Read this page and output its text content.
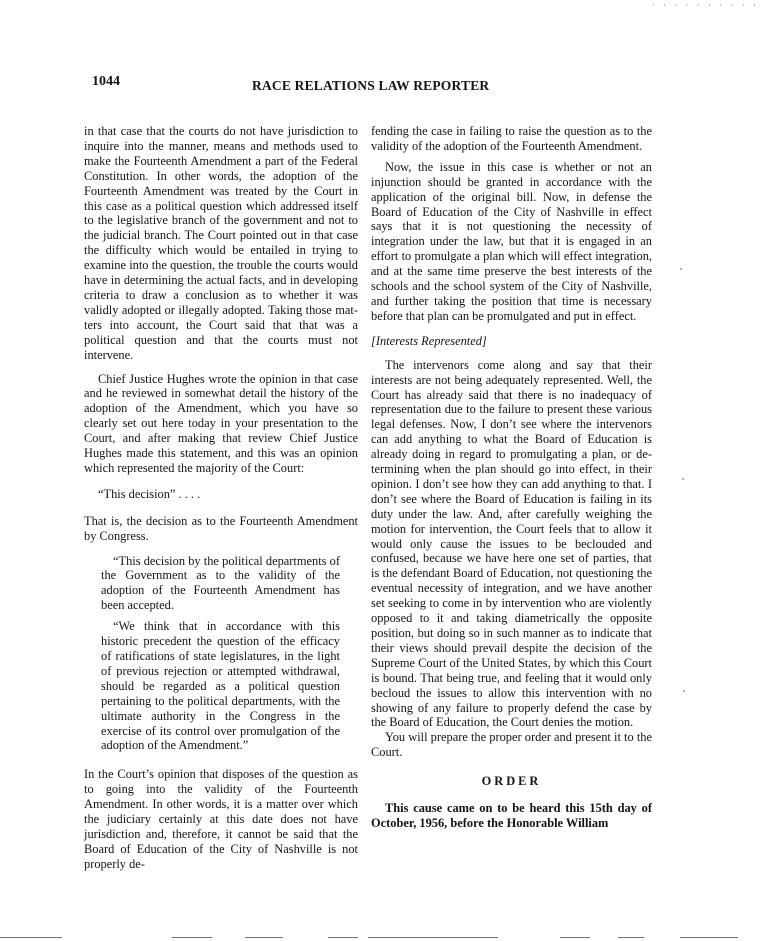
· · · · · · · · · ·
1044	RACE RELATIONS LAW REPORTER

in that case that the courts do not have jurisdiction to inquire into the manner, means and methods used to make the Fourteenth Amendment a part of the Federal Constitution. In other words, the adoption of the Fourteenth Amendment was treated by the Court in this case as a political question which addressed itself to the legislative branch of the government and not to the judicial branch. The Court pointed out in that case the difficulty which would be entailed in trying to examine into the question, the trouble the courts would have in determining the actual facts, and in developing criteria to draw a conclusion as to whether it was validly adopted or illegally adopted. Taking those matters into account, the Court said that that was a political question and that the courts must not intervene.

Chief Justice Hughes wrote the opinion in that case and he reviewed in somewhat detail the history of the adoption of the Amendment, which you have so clearly set out here today in your presentation to the Court, and after making that review Chief Justice Hughes made this statement, and this was an opinion which represented the majority of the Court:

“This decision” . . . .

That is, the decision as to the Fourteenth Amendment by Congress.

“This decision by the political departments of the Government as to the validity of the adoption of the Fourteenth Amendment has been accepted.

“We think that in accordance with this historic precedent the question of the efficacy of ratifications of state legislatures, in the light of previous rejection or attempted withdrawal, should be regarded as a political question pertaining to the political departments, with the ultimate authority in the Congress in the exercise of its control over promulgation of the adoption of the Amendment.”

In the Court’s opinion that disposes of the question as to going into the validity of the Fourteenth Amendment. In other words, it is a matter over which the judiciary certainly at this date does not have jurisdiction and, therefore, it cannot be said that the Board of Education of the City of Nashville is not properly de-

fending the case in failing to raise the question as to the validity of the adoption of the Fourteenth Amendment.

Now, the issue in this case is whether or not an injunction should be granted in accordance with the application of the original bill. Now, in defense the Board of Education of the City of Nashville in effect says that it is not questioning the necessity of integration under the law, but that it is engaged in an effort to promulgate a plan which will effect integration, and at the same time preserve the best interests of the schools and the school system of the City of Nashville, and further taking the position that time is necessary before that plan can be promulgated and put in effect.

[Interests Represented]

The intervenors come along and say that their interests are not being adequately represented. Well, the Court has already said that there is no inadequacy of representation due to the failure to present these various legal defenses. Now, I don’t see where the intervenors can add anything to what the Board of Education is already doing in regard to promulgating a plan, or determining when the plan should go into effect, in their opinion. I don’t see how they can add anything to that. I don’t see where the Board of Education is failing in its duty under the law. And, after carefully weighing the motion for intervention, the Court feels that to allow it would only cause the issues to be beclouded and confused, because we have here one set of parties, that is the defendant Board of Education, not questioning the eventual necessity of integration, and we have another set seeking to come in by intervention who are violently opposed to it and taking diametrically the opposite position, but doing so in such manner as to indicate that their views should prevail despite the decision of the Supreme Court of the United States, by which this Court is bound. That being true, and feeling that it would only becloud the issues to allow this intervention with no showing of any failure to properly defend the case by the Board of Education, the Court denies the motion.

You will prepare the proper order and present it to the Court.

ORDER

This cause came on to be heard this 15th day of October, 1956, before the Honorable William
